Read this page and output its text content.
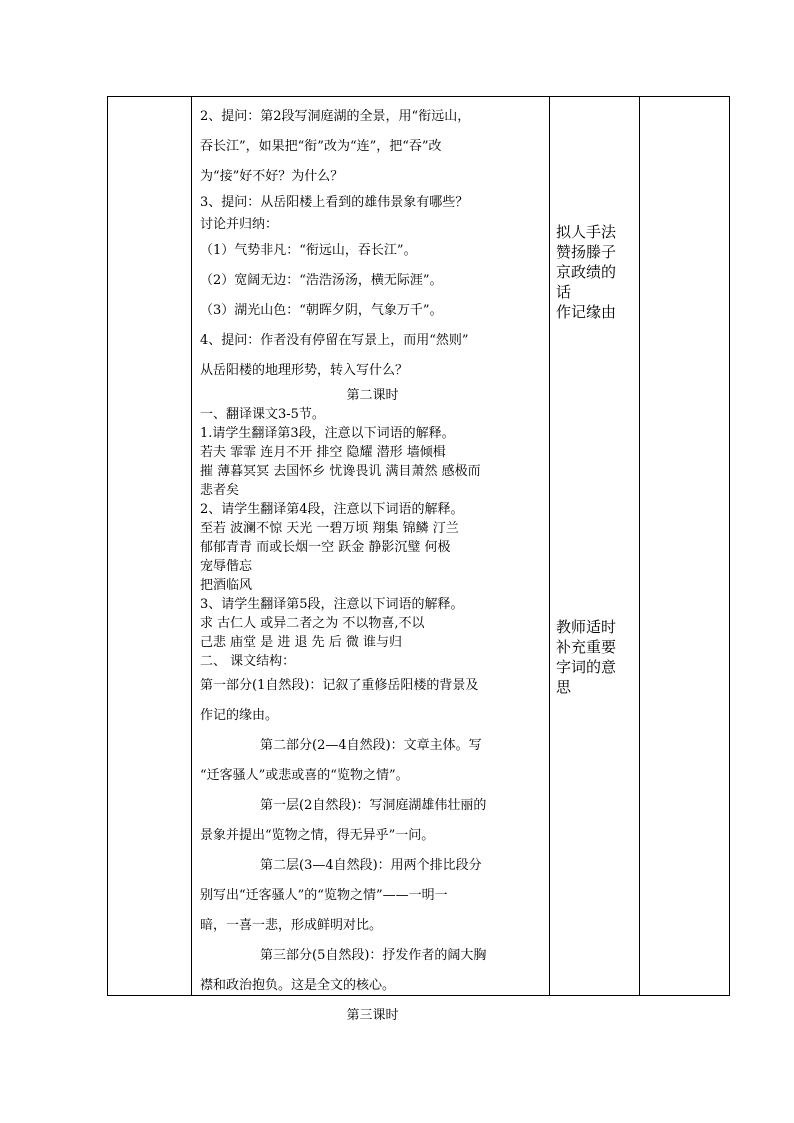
2、提问：第2段写洞庭湖的全景，用“衔远山，
吞长江”，如果把“衔”改为“连”，把“吞”改
为“接”好不好？为什么？
3、提问：从岳阳楼上看到的雄伟景象有哪些？
讨论并归纳：
（1）气势非凡：“衔远山，吞长江”。
（2）宽阔无边：“浩浩汤汤，横无际涯”。
（3）湖光山色：“朝晖夕阴，气象万千”。
4、提问：作者没有停留在写景上，而用“然则”
从岳阳楼的地理形势，转入写什么？
第二课时
一、翻译课文3-5节。
1.请学生翻译第3段，注意以下词语的解释。
若夫 霏霏 连月不开 排空 隐耀 潜形 墙倾楫
摧 薄暮冥冥 去国怀乡 忧谗畏讥 满目萧然 感极而
悲者矣
2、请学生翻译第4段，注意以下词语的解释。
至若 波澜不惊 天光 一碧万顷 翔集 锦鳞 汀兰
郁郁青青 而或长烟一空 跃金 静影沉璧 何极
宠辱偕忘
把酒临风
3、请学生翻译第5段，注意以下词语的解释。
求 古仁人 或异二者之为 不以物喜,不以
己悲 庙堂 是 进 退 先 后 微 谁与归
二、 课文结构：
第一部分(1自然段)：记叙了重修岳阳楼的背景及
作记的缘由。
第二部分(2—4自然段)：文章主体。写
“迁客骚人”或悲或喜的“览物之情”。
第一层(2自然段)：写洞庭湖雄伟壮丽的
景象并提出“览物之情，得无异乎”一问。
第二层(3—4自然段)：用两个排比段分
别写出“迁客骚人”的“览物之情”——一明一
暗，一喜一悲，形成鲜明对比。
第三部分(5自然段)：抒发作者的阔大胸
襟和政治抱负。这是全文的核心。
第三课时
拟人手法
赞扬滕子
京政绩的
话
作记缘由
教师适时
补充重要
字词的意
思
